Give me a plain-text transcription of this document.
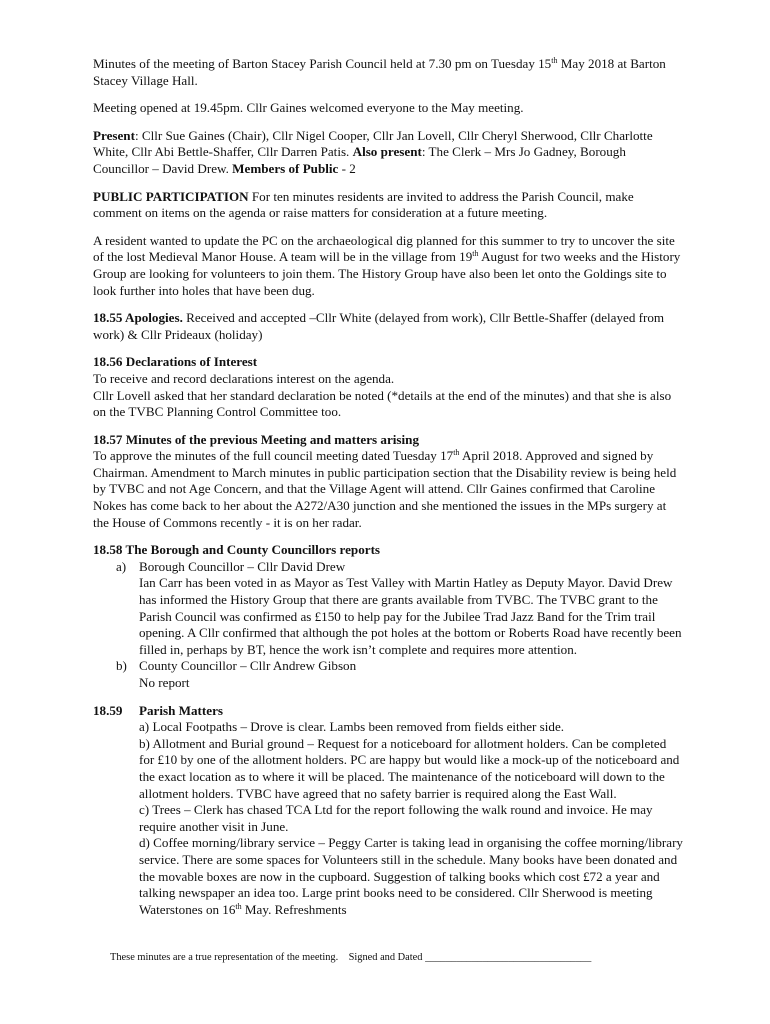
Minutes of the meeting of Barton Stacey Parish Council held at 7.30 pm on Tuesday 15th May 2018 at Barton Stacey Village Hall.

Meeting opened at 19.45pm. Cllr Gaines welcomed everyone to the May meeting.

Present: Cllr Sue Gaines (Chair), Cllr Nigel Cooper, Cllr Jan Lovell, Cllr Cheryl Sherwood, Cllr Charlotte White, Cllr Abi Bettle-Shaffer, Cllr Darren Patis. Also present: The Clerk – Mrs Jo Gadney, Borough Councillor – David Drew. Members of Public - 2

PUBLIC PARTICIPATION For ten minutes residents are invited to address the Parish Council, make comment on items on the agenda or raise matters for consideration at a future meeting.

A resident wanted to update the PC on the archaeological dig planned for this summer to try to uncover the site of the lost Medieval Manor House. A team will be in the village from 19th August for two weeks and the History Group are looking for volunteers to join them. The History Group have also been let onto the Goldings site to look further into holes that have been dug.

18.55 Apologies. Received and accepted –Cllr White (delayed from work), Cllr Bettle-Shaffer (delayed from work) & Cllr Prideaux (holiday)

18.56 Declarations of Interest
To receive and record declarations interest on the agenda.
Cllr Lovell asked that her standard declaration be noted (*details at the end of the minutes) and that she is also on the TVBC Planning Control Committee too.

18.57 Minutes of the previous Meeting and matters arising
To approve the minutes of the full council meeting dated Tuesday 17th April 2018. Approved and signed by Chairman. Amendment to March minutes in public participation section that the Disability review is being held by TVBC and not Age Concern, and that the Village Agent will attend. Cllr Gaines confirmed that Caroline Nokes has come back to her about the A272/A30 junction and she mentioned the issues in the MPs surgery at the House of Commons recently - it is on her radar.

18.58 The Borough and County Councillors reports
a) Borough Councillor – Cllr David Drew
Ian Carr has been voted in as Mayor as Test Valley with Martin Hatley as Deputy Mayor. David Drew has informed the History Group that there are grants available from TVBC. The TVBC grant to the Parish Council was confirmed as £150 to help pay for the Jubilee Trad Jazz Band for the Trim trail opening. A Cllr confirmed that although the pot holes at the bottom or Roberts Road have recently been filled in, perhaps by BT, hence the work isn’t complete and requires more attention.
b) County Councillor – Cllr Andrew Gibson
No report
18.59	Parish Matters
a) Local Footpaths – Drove is clear. Lambs been removed from fields either side.
b) Allotment and Burial ground – Request for a noticeboard for allotment holders. Can be completed for £10 by one of the allotment holders. PC are happy but would like a mock-up of the noticeboard and the exact location as to where it will be placed. The maintenance of the noticeboard will down to the allotment holders. TVBC have agreed that no safety barrier is required along the East Wall.
c) Trees – Clerk has chased TCA Ltd for the report following the walk round and invoice. He may require another visit in June.
d) Coffee morning/library service – Peggy Carter is taking lead in organising the coffee morning/library service. There are some spaces for Volunteers still in the schedule. Many books have been donated and the movable boxes are now in the cupboard. Suggestion of talking books which cost £72 a year and talking newspaper an idea too. Large print books need to be considered. Cllr Sherwood is meeting Waterstones on 16th May. Refreshments
These minutes are a true representation of the meeting.    Signed and Dated ________________________________
